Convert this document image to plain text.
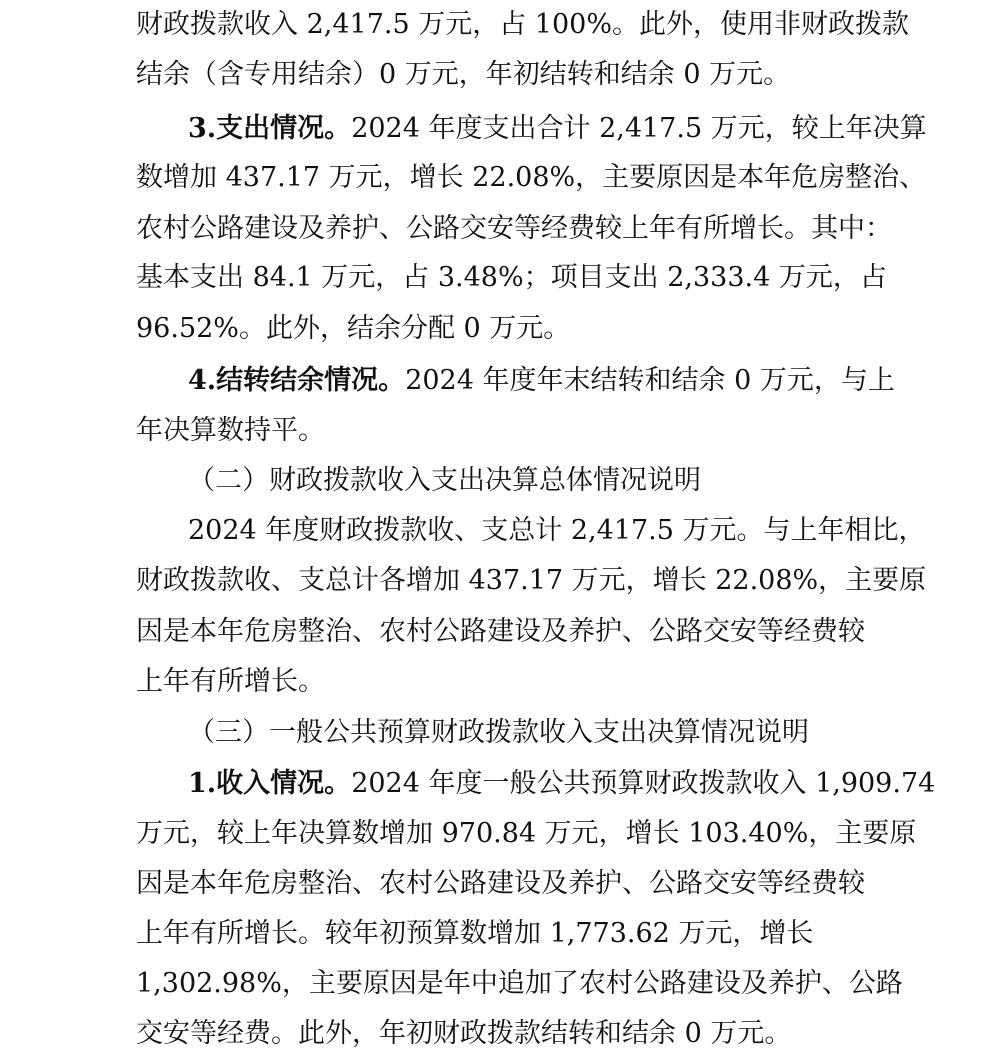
财政拨款收入 2,417.5 万元，占 100%。此外，使用非财政拨款

结余（含专用结余）0 万元，年初结转和结余 0 万元。

3.支出情况。2024 年度支出合计 2,417.5 万元，较上年决算

数增加 437.17 万元，增长 22.08%，主要原因是本年危房整治、

农村公路建设及养护、公路交安等经费较上年有所增长。其中：

基本支出 84.1 万元，占 3.48%；项目支出 2,333.4 万元，占

96.52%。此外，结余分配 0 万元。

4.结转结余情况。2024 年度年末结转和结余 0 万元，与上

年决算数持平。

（二）财政拨款收入支出决算总体情况说明

2024 年度财政拨款收、支总计 2,417.5 万元。与上年相比，

财政拨款收、支总计各增加 437.17 万元，增长 22.08%，主要原

因是本年危房整治、农村公路建设及养护、公路交安等经费较

上年有所增长。

（三）一般公共预算财政拨款收入支出决算情况说明

1.收入情况。2024 年度一般公共预算财政拨款收入 1,909.74

万元，较上年决算数增加 970.84 万元，增长 103.40%，主要原

因是本年危房整治、农村公路建设及养护、公路交安等经费较

上年有所增长。较年初预算数增加 1,773.62 万元，增长

1,302.98%，主要原因是年中追加了农村公路建设及养护、公路

交安等经费。此外，年初财政拨款结转和结余 0 万元。
